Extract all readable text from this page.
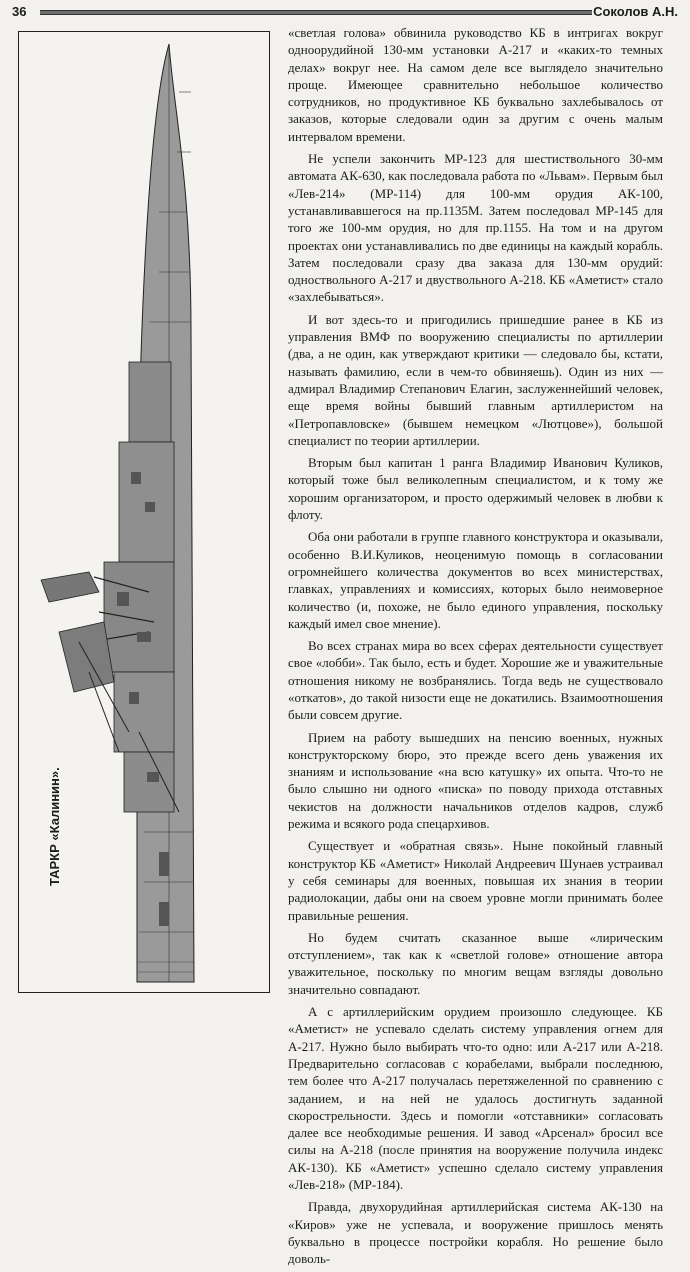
36	Соколов А.Н.
ТАРКР «Калинин».

«светлая голова» обвинила руководство КБ в интригах вокруг одноорудийной 130-мм установки А-217 и «каких-то темных делах» вокруг нее. На самом деле все выглядело значительно проще. Имеющее сравнительно небольшое количество сотрудников, но продуктивное КБ буквально захлебывалось от заказов, которые следовали один за другим с очень малым интервалом времени.

Не успели закончить МР-123 для шестиствольного 30-мм автомата АК-630, как последовала работа по «Львам». Первым был «Лев-214» (МР-114) для 100-мм орудия АК-100, устанавливавшегося на пр.1135М. Затем последовал МР-145 для того же 100-мм орудия, но для пр.1155. На том и на другом проектах они устанавливались по две единицы на каждый корабль. Затем последовали сразу два заказа для 130-мм орудий: одноствольного А-217 и двуствольного А-218. КБ «Аметист» стало «захлебываться».

И вот здесь-то и пригодились пришедшие ранее в КБ из управления ВМФ по вооружению специалисты по артиллерии (два, а не один, как утверждают критики — следовало бы, кстати, называть фамилию, если в чем-то обвиняешь). Один из них — адмирал Владимир Степанович Елагин, заслуженнейший человек, еще время войны бывший главным артиллеристом на «Петропавловске» (бывшем немецком «Лютцове»), большой специалист по теории артиллерии.

Вторым был капитан 1 ранга Владимир Иванович Куликов, который тоже был великолепным специалистом, и к тому же хорошим организатором, и просто одержимый человек в любви к флоту.

Оба они работали в группе главного конструктора и оказывали, особенно В.И.Куликов, неоценимую помощь в согласовании огромнейшего количества документов во всех министерствах, главках, управлениях и комиссиях, которых было неимоверное количество (и, похоже, не было единого управления, поскольку каждый имел свое мнение).

Во всех странах мира во всех сферах деятельности существует свое «лобби». Так было, есть и будет. Хорошие же и уважительные отношения никому не возбранялись. Тогда ведь не существовало «откатов», до такой низости еще не докатились. Взаимоотношения были совсем другие.

Прием на работу вышедших на пенсию военных, нужных конструкторскому бюро, это прежде всего день уважения их знаниям и использование «на всю катушку» их опыта. Что-то не было слышно ни одного «писка» по поводу прихода отставных чекистов на должности начальников отделов кадров, служб режима и всякого рода спецархивов.

Существует и «обратная связь». Ныне покойный главный конструктор КБ «Аметист» Николай Андреевич Шунаев устраивал у себя семинары для военных, повышая их знания в теории радиолокации, дабы они на своем уровне могли принимать более правильные решения.

Но будем считать сказанное выше «лирическим отступлением», так как к «светлой голове» отношение автора уважительное, поскольку по многим вещам взгляды довольно значительно совпадают.

А с артиллерийским орудием произошло следующее. КБ «Аметист» не успевало сделать систему управления огнем для А-217. Нужно было выбирать что-то одно: или А-217 или А-218. Предварительно согласовав с корабелами, выбрали последнюю, тем более что А-217 получалась перетяжеленной по сравнению с заданием, и на ней не удалось достигнуть заданной скорострельности. Здесь и помогли «отставники» согласовать далее все необходимые решения. И завод «Арсенал» бросил все силы на А-218 (после принятия на вооружение получила индекс АК-130). КБ «Аметист» успешно сделало систему управления «Лев-218» (МР-184).

Правда, двухорудийная артиллерийская система АК-130 на «Киров» уже не успевала, и вооружение пришлось менять буквально в процессе постройки корабля. Но решение было доволь-
